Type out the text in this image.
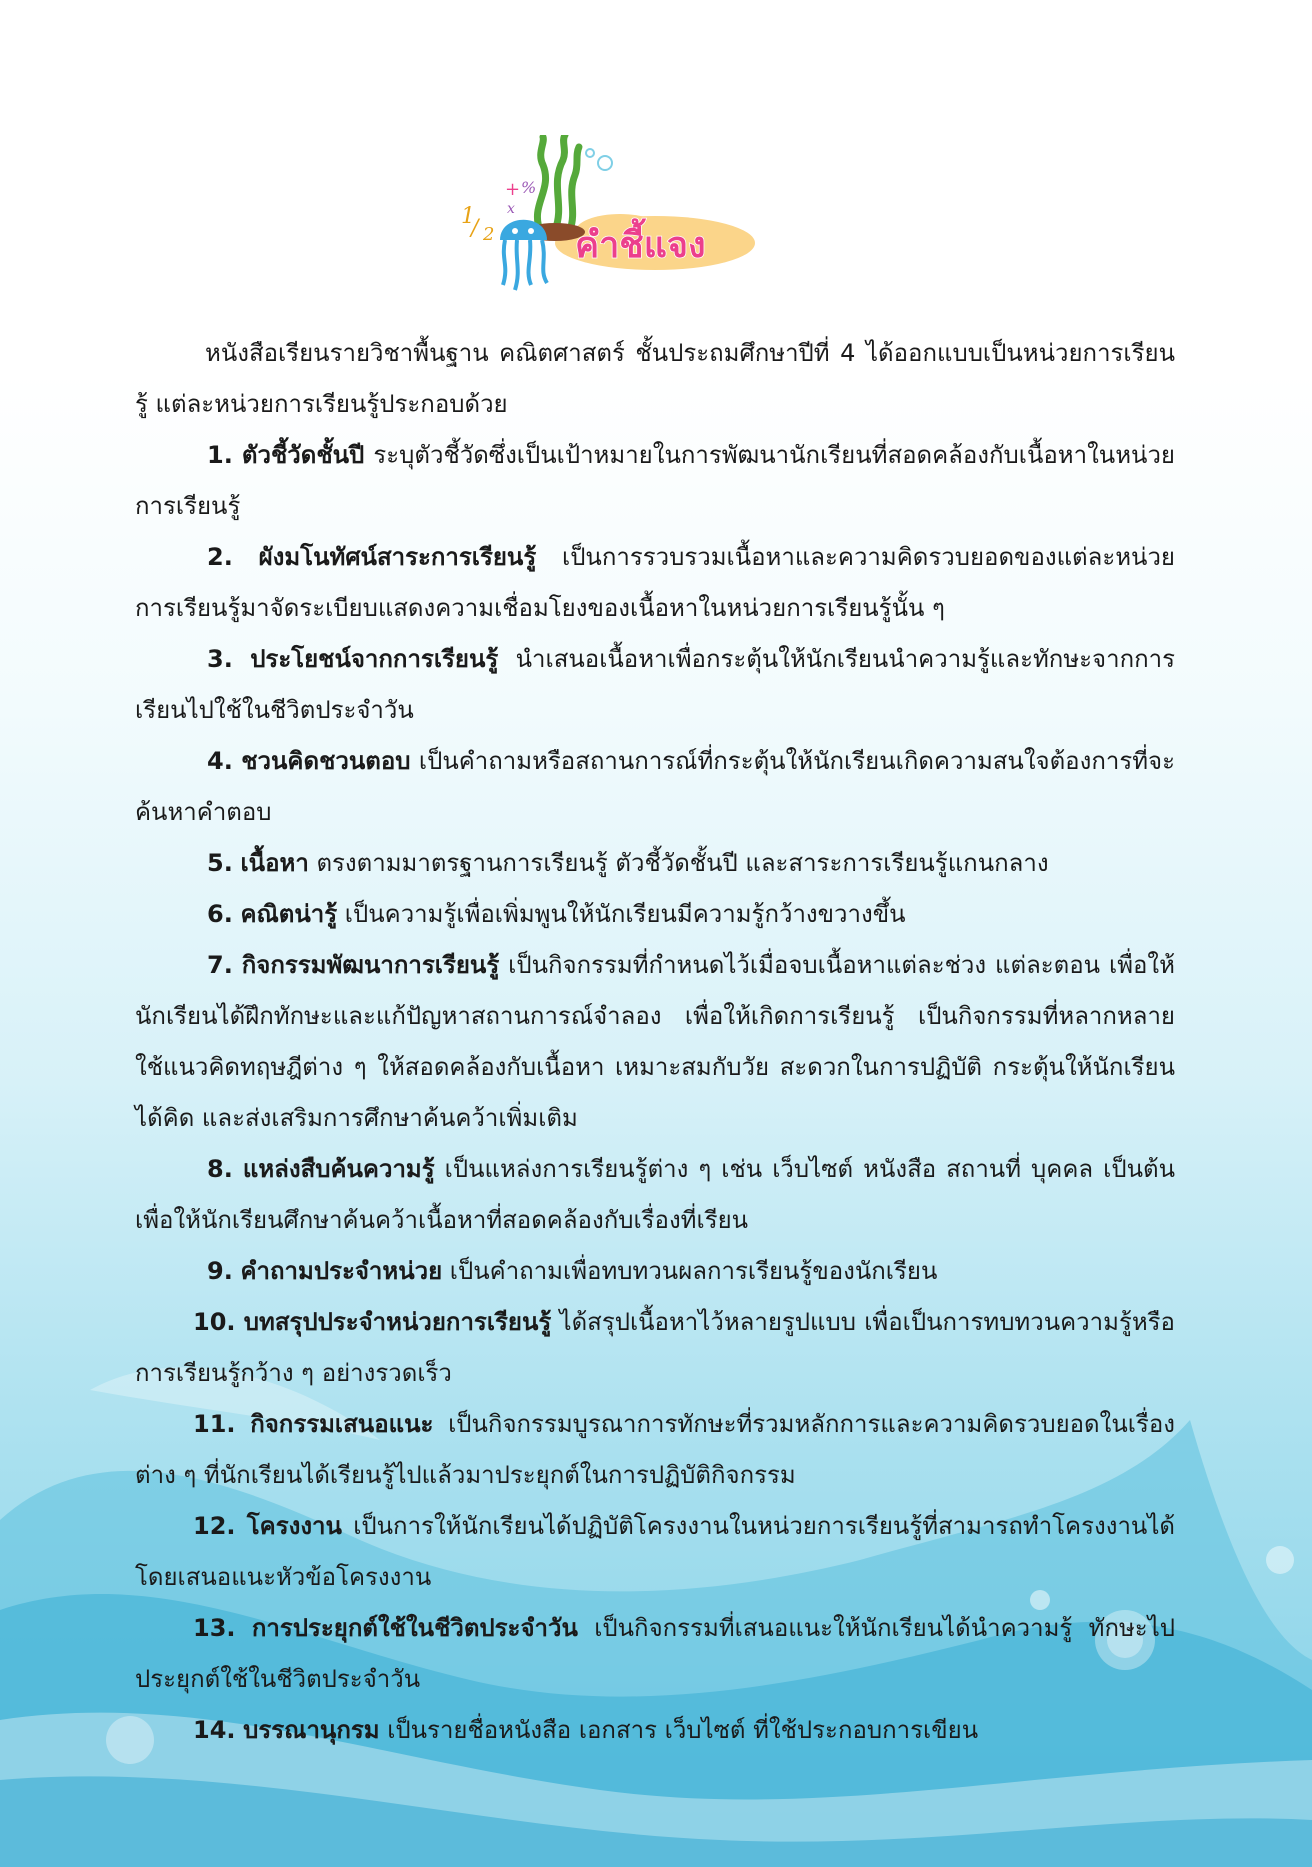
1
/ 2
+ %
x
คำชี้แจง

หนังสือเรียนรายวิชาพื้นฐาน คณิตศาสตร์ ชั้นประถมศึกษาปีที่ 4 ได้ออกแบบเป็นหน่วยการเรียนรู้ แต่ละหน่วยการเรียนรู้ประกอบด้วย

1. ตัวชี้วัดชั้นปี ระบุตัวชี้วัดซึ่งเป็นเป้าหมายในการพัฒนานักเรียนที่สอดคล้องกับเนื้อหาในหน่วยการเรียนรู้

2. ผังมโนทัศน์สาระการเรียนรู้ เป็นการรวบรวมเนื้อหาและความคิดรวบยอดของแต่ละหน่วยการเรียนรู้มาจัดระเบียบแสดงความเชื่อมโยงของเนื้อหาในหน่วยการเรียนรู้นั้น ๆ

3. ประโยชน์จากการเรียนรู้ นำเสนอเนื้อหาเพื่อกระตุ้นให้นักเรียนนำความรู้และทักษะจากการเรียนไปใช้ในชีวิตประจำวัน

4. ชวนคิดชวนตอบ เป็นคำถามหรือสถานการณ์ที่กระตุ้นให้นักเรียนเกิดความสนใจต้องการที่จะค้นหาคำตอบ

5. เนื้อหา ตรงตามมาตรฐานการเรียนรู้ ตัวชี้วัดชั้นปี และสาระการเรียนรู้แกนกลาง

6. คณิตน่ารู้ เป็นความรู้เพื่อเพิ่มพูนให้นักเรียนมีความรู้กว้างขวางขึ้น

7. กิจกรรมพัฒนาการเรียนรู้ เป็นกิจกรรมที่กำหนดไว้เมื่อจบเนื้อหาแต่ละช่วง แต่ละตอน เพื่อให้นักเรียนได้ฝึกทักษะและแก้ปัญหาสถานการณ์จำลอง เพื่อให้เกิดการเรียนรู้ เป็นกิจกรรมที่หลากหลาย ใช้แนวคิดทฤษฎีต่าง ๆ ให้สอดคล้องกับเนื้อหา เหมาะสมกับวัย สะดวกในการปฏิบัติ กระตุ้นให้นักเรียนได้คิด และส่งเสริมการศึกษาค้นคว้าเพิ่มเติม

8. แหล่งสืบค้นความรู้ เป็นแหล่งการเรียนรู้ต่าง ๆ เช่น เว็บไซต์ หนังสือ สถานที่ บุคคล เป็นต้น เพื่อให้นักเรียนศึกษาค้นคว้าเนื้อหาที่สอดคล้องกับเรื่องที่เรียน

9. คำถามประจำหน่วย เป็นคำถามเพื่อทบทวนผลการเรียนรู้ของนักเรียน

10. บทสรุปประจำหน่วยการเรียนรู้ ได้สรุปเนื้อหาไว้หลายรูปแบบ เพื่อเป็นการทบทวนความรู้หรือการเรียนรู้กว้าง ๆ อย่างรวดเร็ว

11. กิจกรรมเสนอแนะ เป็นกิจกรรมบูรณาการทักษะที่รวมหลักการและความคิดรวบยอดในเรื่องต่าง ๆ ที่นักเรียนได้เรียนรู้ไปแล้วมาประยุกต์ในการปฏิบัติกิจกรรม

12. โครงงาน เป็นการให้นักเรียนได้ปฏิบัติโครงงานในหน่วยการเรียนรู้ที่สามารถทำโครงงานได้โดยเสนอแนะหัวข้อโครงงาน

13. การประยุกต์ใช้ในชีวิตประจำวัน เป็นกิจกรรมที่เสนอแนะให้นักเรียนได้นำความรู้ ทักษะไปประยุกต์ใช้ในชีวิตประจำวัน

14. บรรณานุกรม เป็นรายชื่อหนังสือ เอกสาร เว็บไซต์ ที่ใช้ประกอบการเขียน
